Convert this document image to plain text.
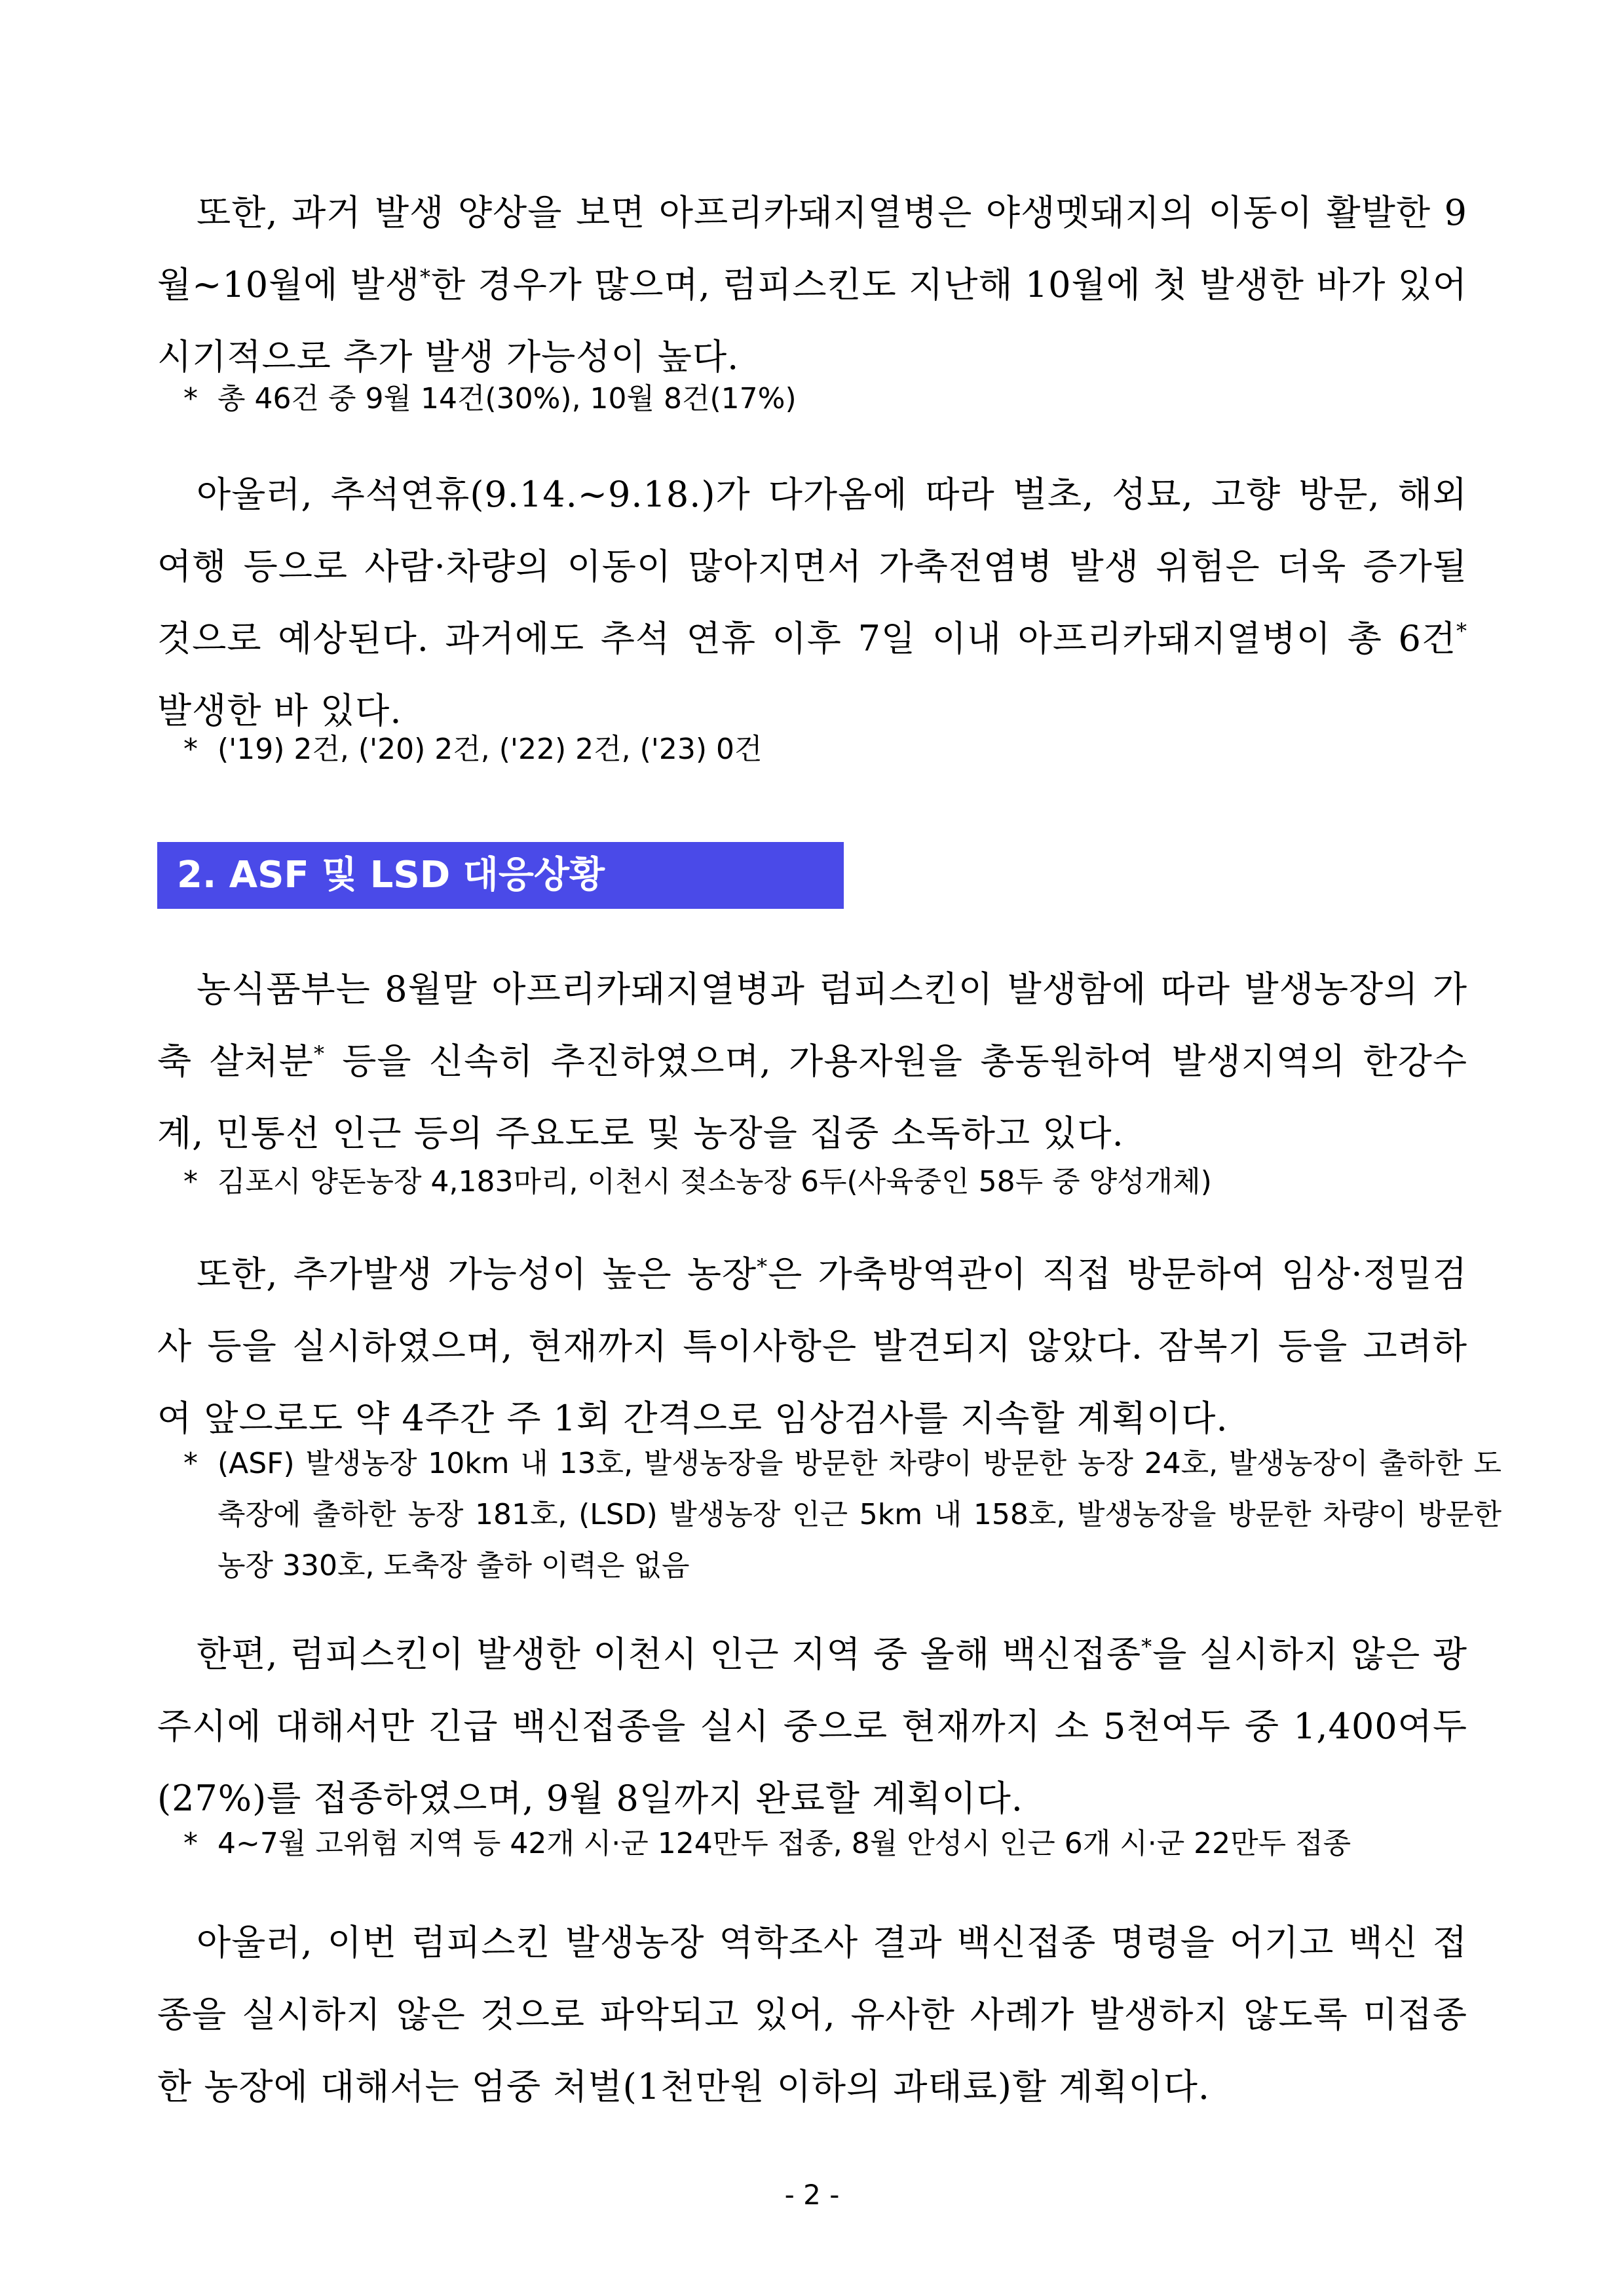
또한, 과거 발생 양상을 보면 아프리카돼지열병은 야생멧돼지의 이동이 활발한 9월~10월에 발생*한 경우가 많으며, 럼피스킨도 지난해 10월에 첫 발생한 바가 있어 시기적으로 추가 발생 가능성이 높다.

* 총 46건 중 9월 14건(30%), 10월 8건(17%)

아울러, 추석연휴(9.14.~9.18.)가 다가옴에 따라 벌초, 성묘, 고향 방문, 해외 여행 등으로 사람·차량의 이동이 많아지면서 가축전염병 발생 위험은 더욱 증가될 것으로 예상된다. 과거에도 추석 연휴 이후 7일 이내 아프리카돼지열병이 총 6건* 발생한 바 있다.

* ('19) 2건, ('20) 2건, ('22) 2건, ('23) 0건

2. ASF 및 LSD 대응상황

농식품부는 8월말 아프리카돼지열병과 럼피스킨이 발생함에 따라 발생농장의 가축 살처분* 등을 신속히 추진하였으며, 가용자원을 총동원하여 발생지역의 한강수계, 민통선 인근 등의 주요도로 및 농장을 집중 소독하고 있다.

* 김포시 양돈농장 4,183마리, 이천시 젖소농장 6두(사육중인 58두 중 양성개체)

또한, 추가발생 가능성이 높은 농장*은 가축방역관이 직접 방문하여 임상·정밀검사 등을 실시하였으며, 현재까지 특이사항은 발견되지 않았다. 잠복기 등을 고려하여 앞으로도 약 4주간 주 1회 간격으로 임상검사를 지속할 계획이다.

* (ASF) 발생농장 10km 내 13호, 발생농장을 방문한 차량이 방문한 농장 24호, 발생농장이 출하한 도축장에 출하한 농장 181호, (LSD) 발생농장 인근 5km 내 158호, 발생농장을 방문한 차량이 방문한 농장 330호, 도축장 출하 이력은 없음

한편, 럼피스킨이 발생한 이천시 인근 지역 중 올해 백신접종*을 실시하지 않은 광주시에 대해서만 긴급 백신접종을 실시 중으로 현재까지 소 5천여두 중 1,400여두(27%)를 접종하였으며, 9월 8일까지 완료할 계획이다.

* 4~7월 고위험 지역 등 42개 시·군 124만두 접종, 8월 안성시 인근 6개 시·군 22만두 접종

아울러, 이번 럼피스킨 발생농장 역학조사 결과 백신접종 명령을 어기고 백신 접종을 실시하지 않은 것으로 파악되고 있어, 유사한 사례가 발생하지 않도록 미접종한 농장에 대해서는 엄중 처벌(1천만원 이하의 과태료)할 계획이다.

- 2 -
